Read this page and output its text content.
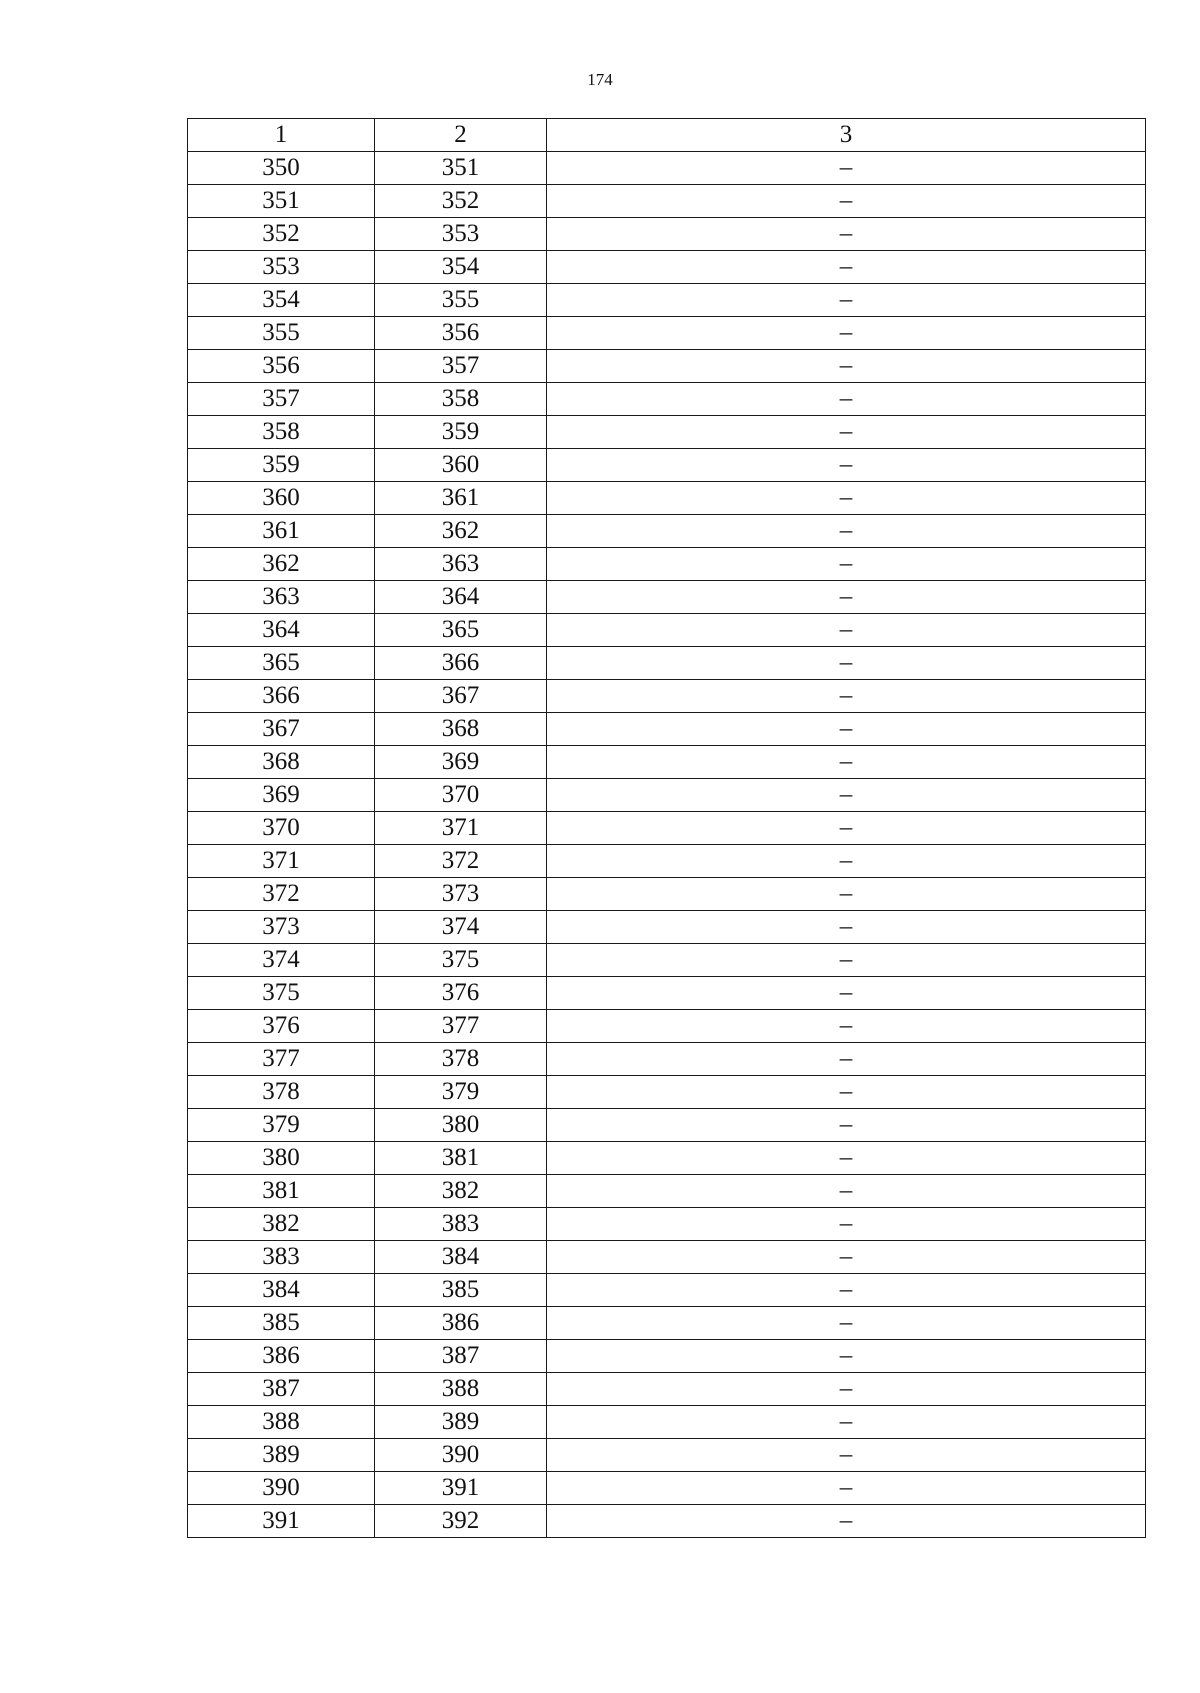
174
1	2	3
350	351	–
351	352	–
352	353	–
353	354	–
354	355	–
355	356	–
356	357	–
357	358	–
358	359	–
359	360	–
360	361	–
361	362	–
362	363	–
363	364	–
364	365	–
365	366	–
366	367	–
367	368	–
368	369	–
369	370	–
370	371	–
371	372	–
372	373	–
373	374	–
374	375	–
375	376	–
376	377	–
377	378	–
378	379	–
379	380	–
380	381	–
381	382	–
382	383	–
383	384	–
384	385	–
385	386	–
386	387	–
387	388	–
388	389	–
389	390	–
390	391	–
391	392	–
